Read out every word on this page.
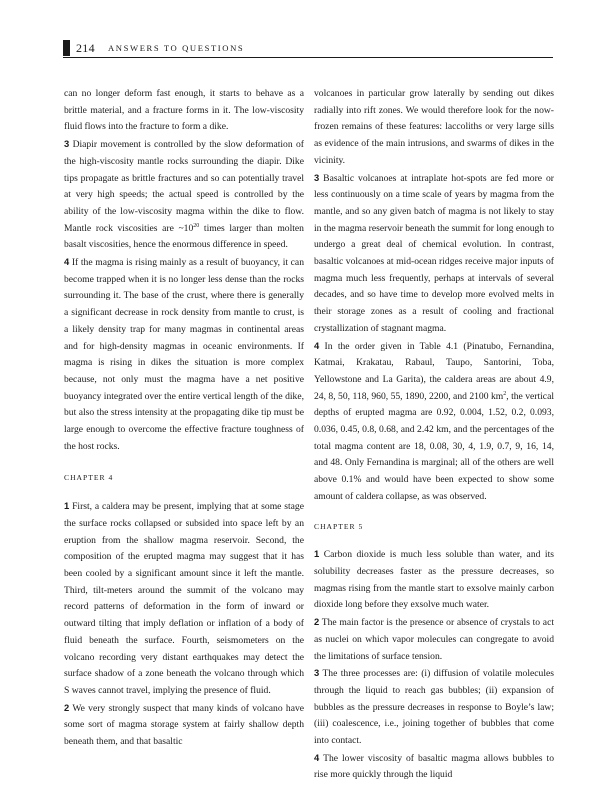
214 ANSWERS TO QUESTIONS

can no longer deform fast enough, it starts to behave as a brittle material, and a fracture forms in it. The low-viscosity fluid flows into the fracture to form a dike.

3 Diapir movement is controlled by the slow deformation of the high-viscosity mantle rocks surrounding the diapir. Dike tips propagate as brittle fractures and so can potentially travel at very high speeds; the actual speed is controlled by the ability of the low-viscosity magma within the dike to flow. Mantle rock viscosities are $\sim 10^{20}$ times larger than molten basalt viscosities, hence the enormous difference in speed.

4 If the magma is rising mainly as a result of buoyancy, it can become trapped when it is no longer less dense than the rocks surrounding it. The base of the crust, where there is generally a significant decrease in rock density from mantle to crust, is a likely density trap for many magmas in continental areas and for high-density magmas in oceanic environments. If magma is rising in dikes the situation is more complex because, not only must the magma have a net positive buoyancy integrated over the entire vertical length of the dike, but also the stress intensity at the propagating dike tip must be large enough to overcome the effective fracture toughness of the host rocks.

CHAPTER 4

1 First, a caldera may be present, implying that at some stage the surface rocks collapsed or subsided into space left by an eruption from the shallow magma reservoir. Second, the composition of the erupted magma may suggest that it has been cooled by a significant amount since it left the mantle. Third, tilt-meters around the summit of the volcano may record patterns of deformation in the form of inward or outward tilting that imply deflation or inflation of a body of fluid beneath the surface. Fourth, seismometers on the volcano recording very distant earthquakes may detect the surface shadow of a zone beneath the volcano through which S waves cannot travel, implying the presence of fluid.

2 We very strongly suspect that many kinds of volcano have some sort of magma storage system at fairly shallow depth beneath them, and that basaltic

volcanoes in particular grow laterally by sending out dikes radially into rift zones. We would therefore look for the now-frozen remains of these features: laccoliths or very large sills as evidence of the main intrusions, and swarms of dikes in the vicinity.

3 Basaltic volcanoes at intraplate hot-spots are fed more or less continuously on a time scale of years by magma from the mantle, and so any given batch of magma is not likely to stay in the magma reservoir beneath the summit for long enough to undergo a great deal of chemical evolution. In contrast, basaltic volcanoes at mid-ocean ridges receive major inputs of magma much less frequently, perhaps at intervals of several decades, and so have time to develop more evolved melts in their storage zones as a result of cooling and fractional crystallization of stagnant magma.

4 In the order given in Table 4.1 (Pinatubo, Fernandina, Katmai, Krakatau, Rabaul, Taupo, Santorini, Toba, Yellowstone and La Garita), the caldera areas are about 4.9, 24, 8, 50, 118, 960, 55, 1890, 2200, and 2100 $km^2$, the vertical depths of erupted magma are 0.92, 0.004, 1.52, 0.2, 0.093, 0.036, 0.45, 0.8, 0.68, and 2.42 km, and the percentages of the total magma content are 18, 0.08, 30, 4, 1.9, 0.7, 9, 16, 14, and 48. Only Fernandina is marginal; all of the others are well above 0.1% and would have been expected to show some amount of caldera collapse, as was observed.

CHAPTER 5

1 Carbon dioxide is much less soluble than water, and its solubility decreases faster as the pressure decreases, so magmas rising from the mantle start to exsolve mainly carbon dioxide long before they exsolve much water.

2 The main factor is the presence or absence of crystals to act as nuclei on which vapor molecules can congregate to avoid the limitations of surface tension.

3 The three processes are: (i) diffusion of volatile molecules through the liquid to reach gas bubbles; (ii) expansion of bubbles as the pressure decreases in response to Boyle’s law; (iii) coalescence, i.e., joining together of bubbles that come into contact.

4 The lower viscosity of basaltic magma allows bubbles to rise more quickly through the liquid
